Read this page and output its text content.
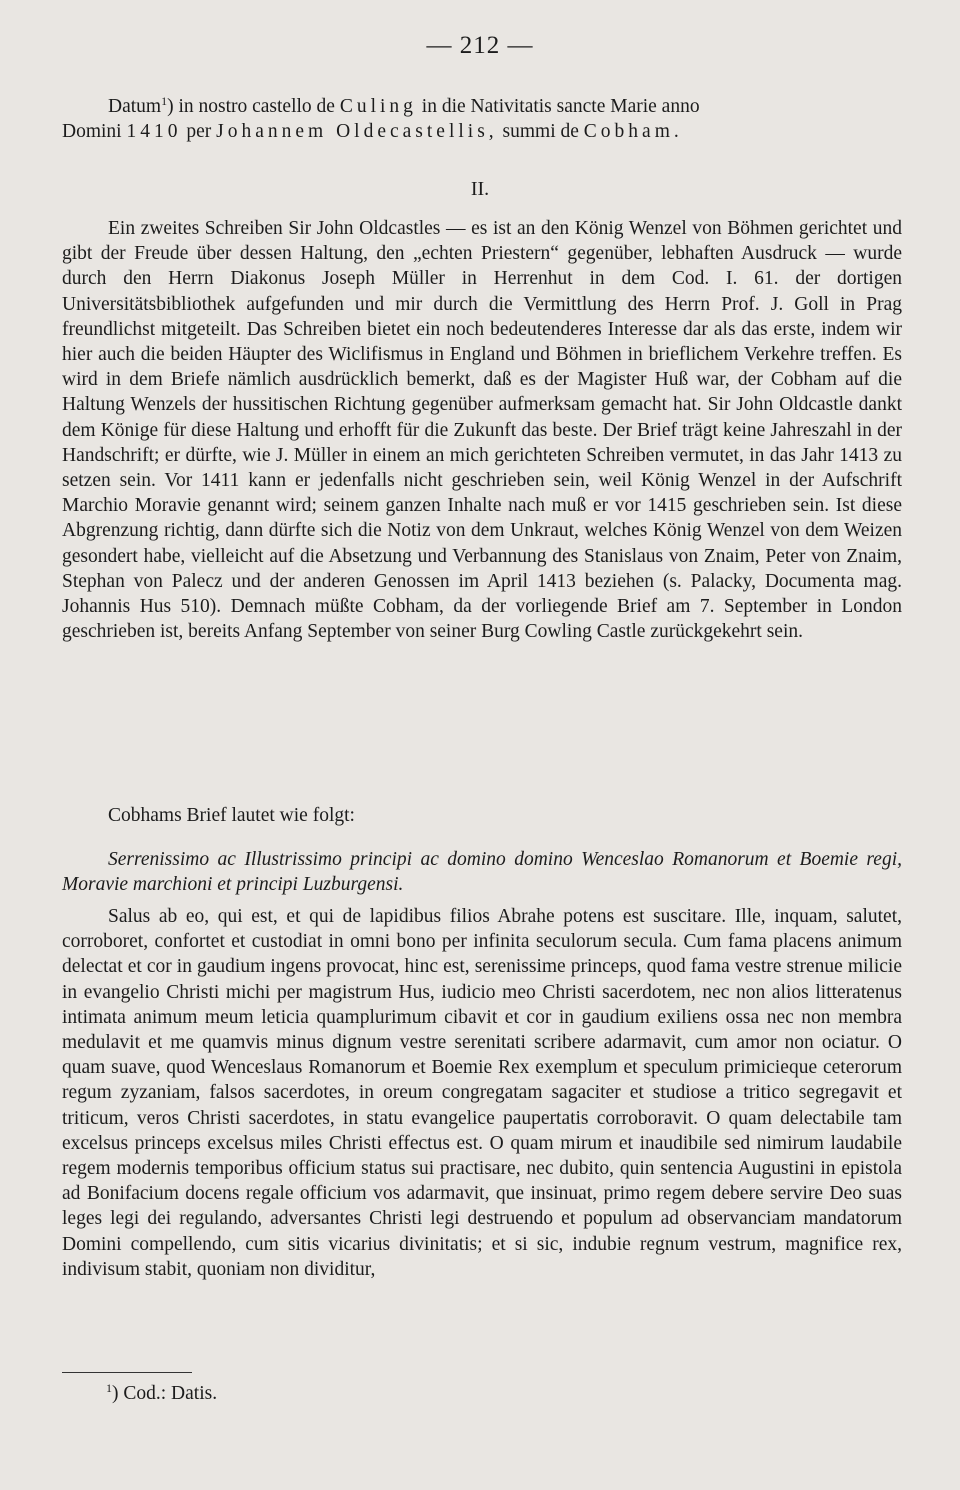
— 212 —

Datum$^1$) in nostro castello de Culing in die Nativitatis sancte Marie anno
Domini 1410 per Johannem Oldecastellis, summi de Cobham.

II.

Ein zweites Schreiben Sir John Oldcastles — es ist an den König Wenzel von Böhmen gerichtet und gibt der Freude über dessen Haltung, den „echten Priestern“ gegenüber, lebhaften Ausdruck — wurde durch den Herrn Diakonus Joseph Müller in Herrenhut in dem Cod. I. 61. der dortigen Universitätsbibliothek aufgefunden und mir durch die Vermittlung des Herrn Prof. J. Goll in Prag freundlichst mitgeteilt. Das Schreiben bietet ein noch bedeutenderes Interesse dar als das erste, indem wir hier auch die beiden Häupter des Wiclifismus in England und Böhmen in brieflichem Verkehre treffen. Es wird in dem Briefe nämlich ausdrücklich bemerkt, daß es der Magister Huß war, der Cobham auf die Haltung Wenzels der hussitischen Richtung gegenüber aufmerksam gemacht hat. Sir John Oldcastle dankt dem Könige für diese Haltung und erhofft für die Zukunft das beste. Der Brief trägt keine Jahreszahl in der Handschrift; er dürfte, wie J. Müller in einem an mich gerichteten Schreiben vermutet, in das Jahr 1413 zu setzen sein. Vor 1411 kann er jedenfalls nicht geschrieben sein, weil König Wenzel in der Aufschrift Marchio Moravie genannt wird; seinem ganzen Inhalte nach muß er vor 1415 geschrieben sein. Ist diese Abgrenzung richtig, dann dürfte sich die Notiz von dem Unkraut, welches König Wenzel von dem Weizen gesondert habe, vielleicht auf die Absetzung und Verbannung des Stanislaus von Znaim, Peter von Znaim, Stephan von Palecz und der anderen Genossen im April 1413 beziehen (s. Palacky, Documenta mag. Johannis Hus 510). Demnach müßte Cobham, da der vorliegende Brief am 7. September in London geschrieben ist, bereits Anfang September von seiner Burg Cowling Castle zurückgekehrt sein.

Cobhams Brief lautet wie folgt:

Serrenissimo ac Illustrissimo principi ac domino domino Wenceslao Romanorum et Boemie regi, Moravie marchioni et principi Luzburgensi.

Salus ab eo, qui est, et qui de lapidibus filios Abrahe potens est suscitare. Ille, inquam, salutet, corroboret, confortet et custodiat in omni bono per infinita seculorum secula. Cum fama placens animum delectat et cor in gaudium ingens provocat, hinc est, serenissime princeps, quod fama vestre strenue milicie in evangelio Christi michi per magistrum Hus, iudicio meo Christi sacerdotem, nec non alios litteratenus intimata animum meum leticia quamplurimum cibavit et cor in gaudium exiliens ossa nec non membra medulavit et me quamvis minus dignum vestre serenitati scribere adarmavit, cum amor non ociatur. O quam suave, quod Wenceslaus Romanorum et Boemie Rex exemplum et speculum primicieque ceterorum regum zyzaniam, falsos sacerdotes, in oreum congregatam sagaciter et studiose a tritico segregavit et triticum, veros Christi sacerdotes, in statu evangelice paupertatis corroboravit. O quam delectabile tam excelsus princeps excelsus miles Christi effectus est. O quam mirum et inaudibile sed nimirum laudabile regem modernis temporibus officium status sui practisare, nec dubito, quin sentencia Augustini in epistola ad Bonifacium docens regale officium vos adarmavit, que insinuat, primo regem debere servire Deo suas leges legi dei regulando, adversantes Christi legi destruendo et populum ad observanciam mandatorum Domini compellendo, cum sitis vicarius divinitatis; et si sic, indubie regnum vestrum, magnifice rex, indivisum stabit, quoniam non dividitur,

$^1$) Cod.: Datis.
